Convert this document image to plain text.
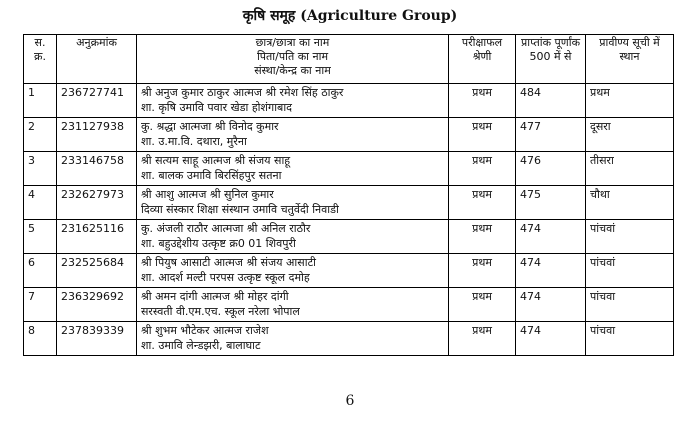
कृषि समूह (Agriculture Group)
स. क्र.	अनुक्रमांक	छात्र/छात्रा का नाम
पिता/पति का नाम
संस्था/केन्द्र का नाम	परीक्षाफल श्रेणी	प्राप्तांक पूर्णांक 500 में से	प्रावीण्य सूची में स्थान
1	236727741	श्री अनुज कुमार ठाकुर आत्मज श्री रमेश सिंह ठाकुर
शा. कृषि उमावि पवार खेडा होशंगाबाद	प्रथम	484	प्रथम
2	231127938	कु. श्रद्धा आत्मजा श्री विनोद कुमार
शा. उ.मा.वि. दथारा, मुरैना	प्रथम	477	दूसरा
3	233146758	श्री सत्यम साहू आत्मज श्री संजय साहू
शा. बालक उमावि बिरसिंहपुर सतना	प्रथम	476	तीसरा
4	232627973	श्री आशु आत्मज श्री सुनिल कुमार
दिव्या संस्कार शिक्षा संस्थान उमावि चतुर्वेदी निवाडी	प्रथम	475	चौथा
5	231625116	कु. अंजली राठौर आत्मजा श्री अनिल राठौर
शा. बहुउद्देशीय उत्कृष्ट क्र0 01 शिवपुरी	प्रथम	474	पांचवां
6	232525684	श्री पियुष आसाटी आत्मज श्री संजय आसाटी
शा. आदर्श मल्टी परपस उत्कृष्ट स्कूल दमोह	प्रथम	474	पांचवां
7	236329692	श्री अमन दांगी आत्मज श्री मोहर दांगी
सरस्वती वी.एम.एच. स्कूल नरेला भोपाल	प्रथम	474	पांचवा
8	237839339	श्री शुभम भौटेकर आत्मज राजेश
शा. उमावि लेन्डझरी, बालाघाट	प्रथम	474	पांचवा
6
